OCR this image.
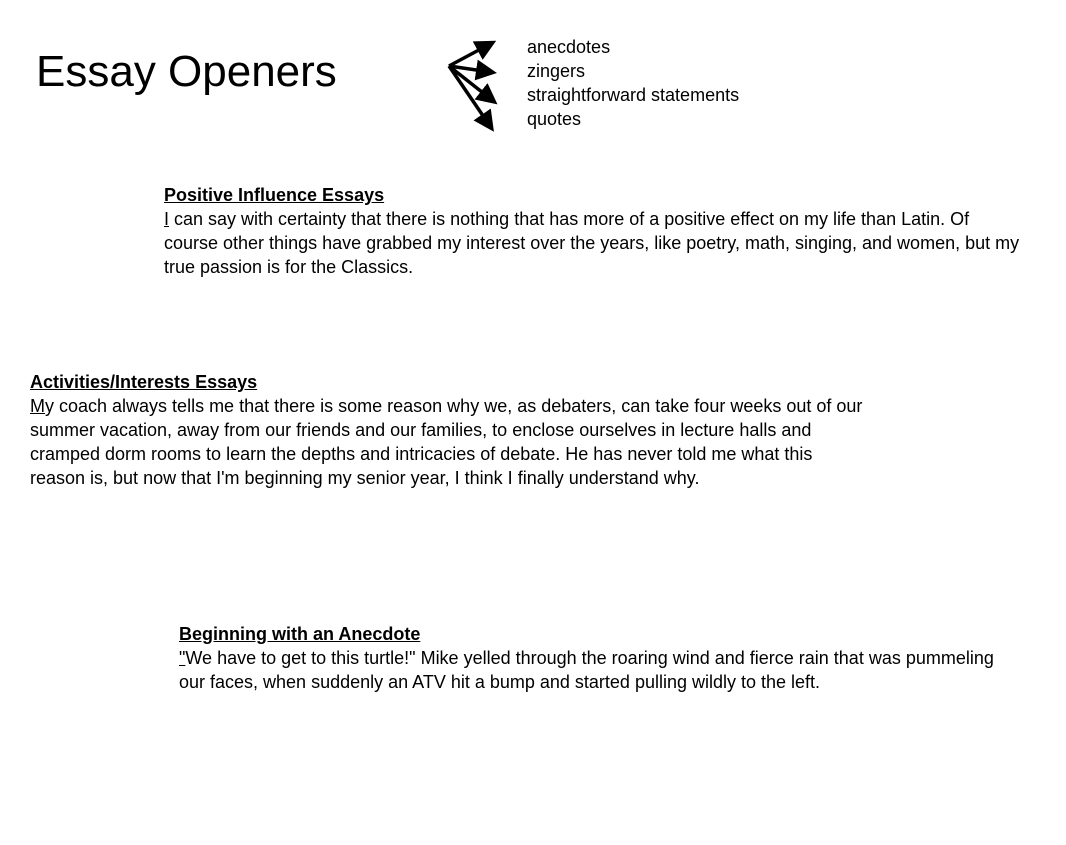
Essay Openers	anecdotes
zingers
straightforward statements
quotes

Positive Influence Essays

I can say with certainty that there is nothing that has more of a positive effect on my life than Latin. Of course other things have grabbed my interest over the years, like poetry, math, singing, and women, but my true passion is for the Classics.

Activities/Interests Essays

My coach always tells me that there is some reason why we, as debaters, can take four weeks out of our summer vacation, away from our friends and our families, to enclose ourselves in lecture halls and cramped dorm rooms to learn the depths and intricacies of debate. He has never told me what this reason is, but now that I'm beginning my senior year, I think I finally understand why.

Beginning with an Anecdote

"We have to get to this turtle!" Mike yelled through the roaring wind and fierce rain that was pummeling our faces, when suddenly an ATV hit a bump and started pulling wildly to the left.
